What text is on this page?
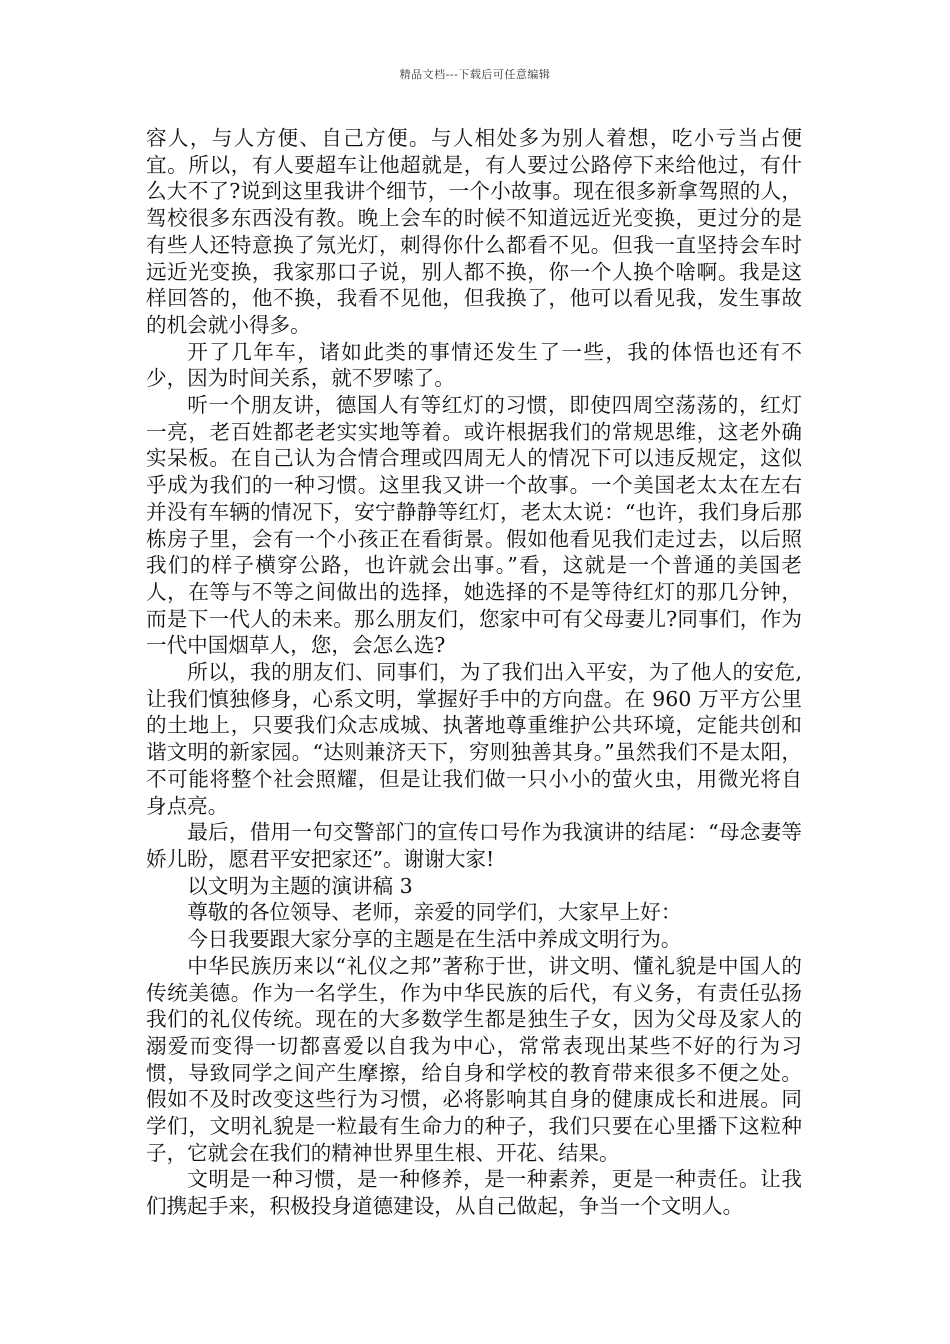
精品文档---下载后可任意编辑

容人，与人方便、自己方便。与人相处多为别人着想，吃小亏当占便宜。所以，有人要超车让他超就是，有人要过公路停下来给他过，有什么大不了?说到这里我讲个细节，一个小故事。现在很多新拿驾照的人，驾校很多东西没有教。晚上会车的时候不知道远近光变换，更过分的是有些人还特意换了氖光灯，刺得你什么都看不见。但我一直坚持会车时远近光变换，我家那口子说，别人都不换，你一个人换个啥啊。我是这样回答的，他不换，我看不见他，但我换了，他可以看见我，发生事故的机会就小得多。

开了几年车，诸如此类的事情还发生了一些，我的体悟也还有不少，因为时间关系，就不罗嗦了。

听一个朋友讲，德国人有等红灯的习惯，即使四周空荡荡的，红灯一亮，老百姓都老老实实地等着。或许根据我们的常规思维，这老外确实呆板。在自己认为合情合理或四周无人的情况下可以违反规定，这似乎成为我们的一种习惯。这里我又讲一个故事。一个美国老太太在左右并没有车辆的情况下，安宁静静等红灯，老太太说：“也许，我们身后那栋房子里，会有一个小孩正在看街景。假如他看见我们走过去，以后照我们的样子横穿公路，也许就会出事。”看，这就是一个普通的美国老人，在等与不等之间做出的选择，她选择的不是等待红灯的那几分钟，而是下一代人的未来。那么朋友们，您家中可有父母妻儿?同事们，作为一代中国烟草人，您，会怎么选?

所以，我的朋友们、同事们，为了我们出入平安，为了他人的安危,让我们慎独修身，心系文明，掌握好手中的方向盘。在 960 万平方公里的土地上，只要我们众志成城、执著地尊重维护公共环境，定能共创和谐文明的新家园。“达则兼济天下，穷则独善其身。”虽然我们不是太阳，不可能将整个社会照耀，但是让我们做一只小小的萤火虫，用微光将自身点亮。

最后，借用一句交警部门的宣传口号作为我演讲的结尾：“母念妻等娇儿盼，愿君平安把家还”。谢谢大家!

以文明为主题的演讲稿 3

尊敬的各位领导、老师，亲爱的同学们，大家早上好：

今日我要跟大家分享的主题是在生活中养成文明行为。

中华民族历来以“礼仪之邦”著称于世，讲文明、懂礼貌是中国人的传统美德。作为一名学生，作为中华民族的后代，有义务，有责任弘扬我们的礼仪传统。现在的大多数学生都是独生子女，因为父母及家人的溺爱而变得一切都喜爱以自我为中心，常常表现出某些不好的行为习惯，导致同学之间产生摩擦，给自身和学校的教育带来很多不便之处。假如不及时改变这些行为习惯，必将影响其自身的健康成长和进展。同学们，文明礼貌是一粒最有生命力的种子，我们只要在心里播下这粒种子，它就会在我们的精神世界里生根、开花、结果。

文明是一种习惯，是一种修养，是一种素养，更是一种责任。让我们携起手来，积极投身道德建设，从自己做起，争当一个文明人。
